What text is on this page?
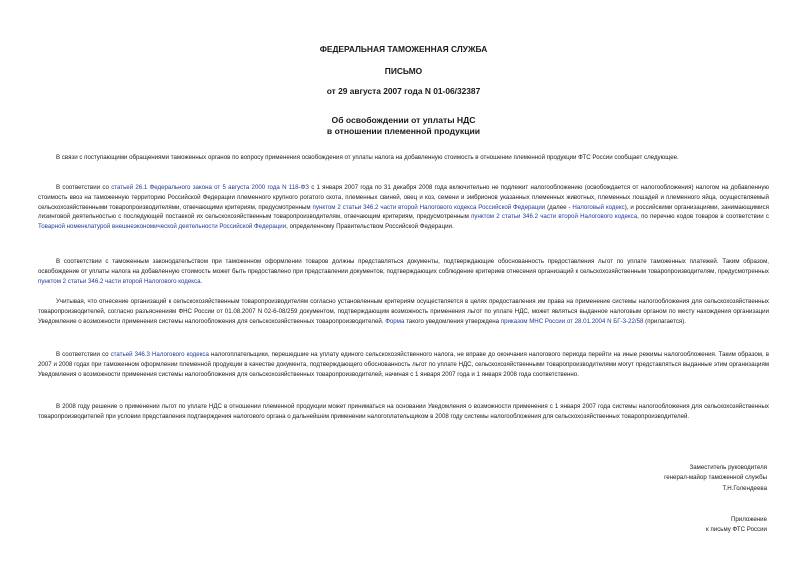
ФЕДЕРАЛЬНАЯ ТАМОЖЕННАЯ СЛУЖБА

ПИСЬМО

от 29 августа 2007 года N 01-06/32387

Об освобождении от уплаты НДС

в отношении племенной продукции

В связи с поступающими обращениями таможенных органов по вопросу применения освобождения от уплаты налога на добавленную стоимость в отношении племенной продукции ФТС России сообщает следующее.

В соответствии со статьей 26.1 Федерального закона от 5 августа 2000 года N 118-ФЗ с 1 января 2007 года по 31 декабря 2008 года включительно не подлежит налогообложению (освобождается от налогообложения) налогом на добавленную стоимость ввоз на таможенную территорию Российской Федерации племенного крупного рогатого скота, племенных свиней, овец и коз, семени и эмбрионов указанных племенных животных, племенных лошадей и племенного яйца, осуществляемый сельскохозяйственными товаропроизводителями, отвечающими критериям, предусмотренным пунктом 2 статьи 346.2 части второй Налогового кодекса Российской Федерации (далее - Налоговый кодекс), и российскими организациями, занимающимися лизинговой деятельностью с последующей поставкой их сельскохозяйственным товаропроизводителям, отвечающим критериям, предусмотренным пунктом 2 статьи 346.2 части второй Налогового кодекса, по перечню кодов товаров в соответствии с Товарной номенклатурой внешнеэкономической деятельности Российской Федерации, определенному Правительством Российской Федерации.

В соответствии с таможенным законодательством при таможенном оформлении товаров должны представляться документы, подтверждающие обоснованность предоставления льгот по уплате таможенных платежей. Таким образом, освобождение от уплаты налога на добавленную стоимость может быть предоставлено при представлении документов, подтверждающих соблюдение критериев отнесения организаций к сельскохозяйственным товаропроизводителям, предусмотренных пунктом 2 статьи 346.2 части второй Налогового кодекса.

Учитывая, что отнесение организаций к сельскохозяйственным товаропроизводителям согласно установленным критериям осуществляется в целях предоставления им права на применение системы налогообложения для сельскохозяйственных товаропроизводителей, согласно разъяснениям ФНС России от 01.08.2007 N 02-6-08/259 документом, подтверждающим возможность применения льгот по уплате НДС, может являться выданное налоговым органом по месту нахождения организации Уведомление о возможности применения системы налогообложения для сельскохозяйственных товаропроизводителей. Форма такого уведомления утверждена приказом МНС России от 28.01.2004 N БГ-3-22/58 (прилагается).

В соответствии со статьей 346.3 Налогового кодекса налогоплательщики, перешедшие на уплату единого сельскохозяйственного налога, не вправе до окончания налогового периода перейти на иные режимы налогообложения. Таким образом, в 2007 и 2008 годах при таможенном оформлении племенной продукции в качестве документа, подтверждающего обоснованность льгот по уплате НДС, сельскохозяйственными товаропроизводителями могут представляться выданные этим организациям Уведомления о возможности применения системы налогообложения для сельскохозяйственных товаропроизводителей, начиная с 1 января 2007 года и 1 января 2008 года соответственно.

В 2008 году решение о применении льгот по уплате НДС в отношении племенной продукции может приниматься на основании Уведомления о возможности применения с 1 января 2007 года системы налогообложения для сельскохозяйственных товаропроизводителей при условии представления подтверждения налогового органа о дальнейшем применении налогоплательщиком в 2008 году системы налогообложения для сельскохозяйственных товаропроизводителей.

Заместитель руководителя
генерал-майор таможенной службы
Т.Н.Голендеева
Приложение
к письму ФТС России
